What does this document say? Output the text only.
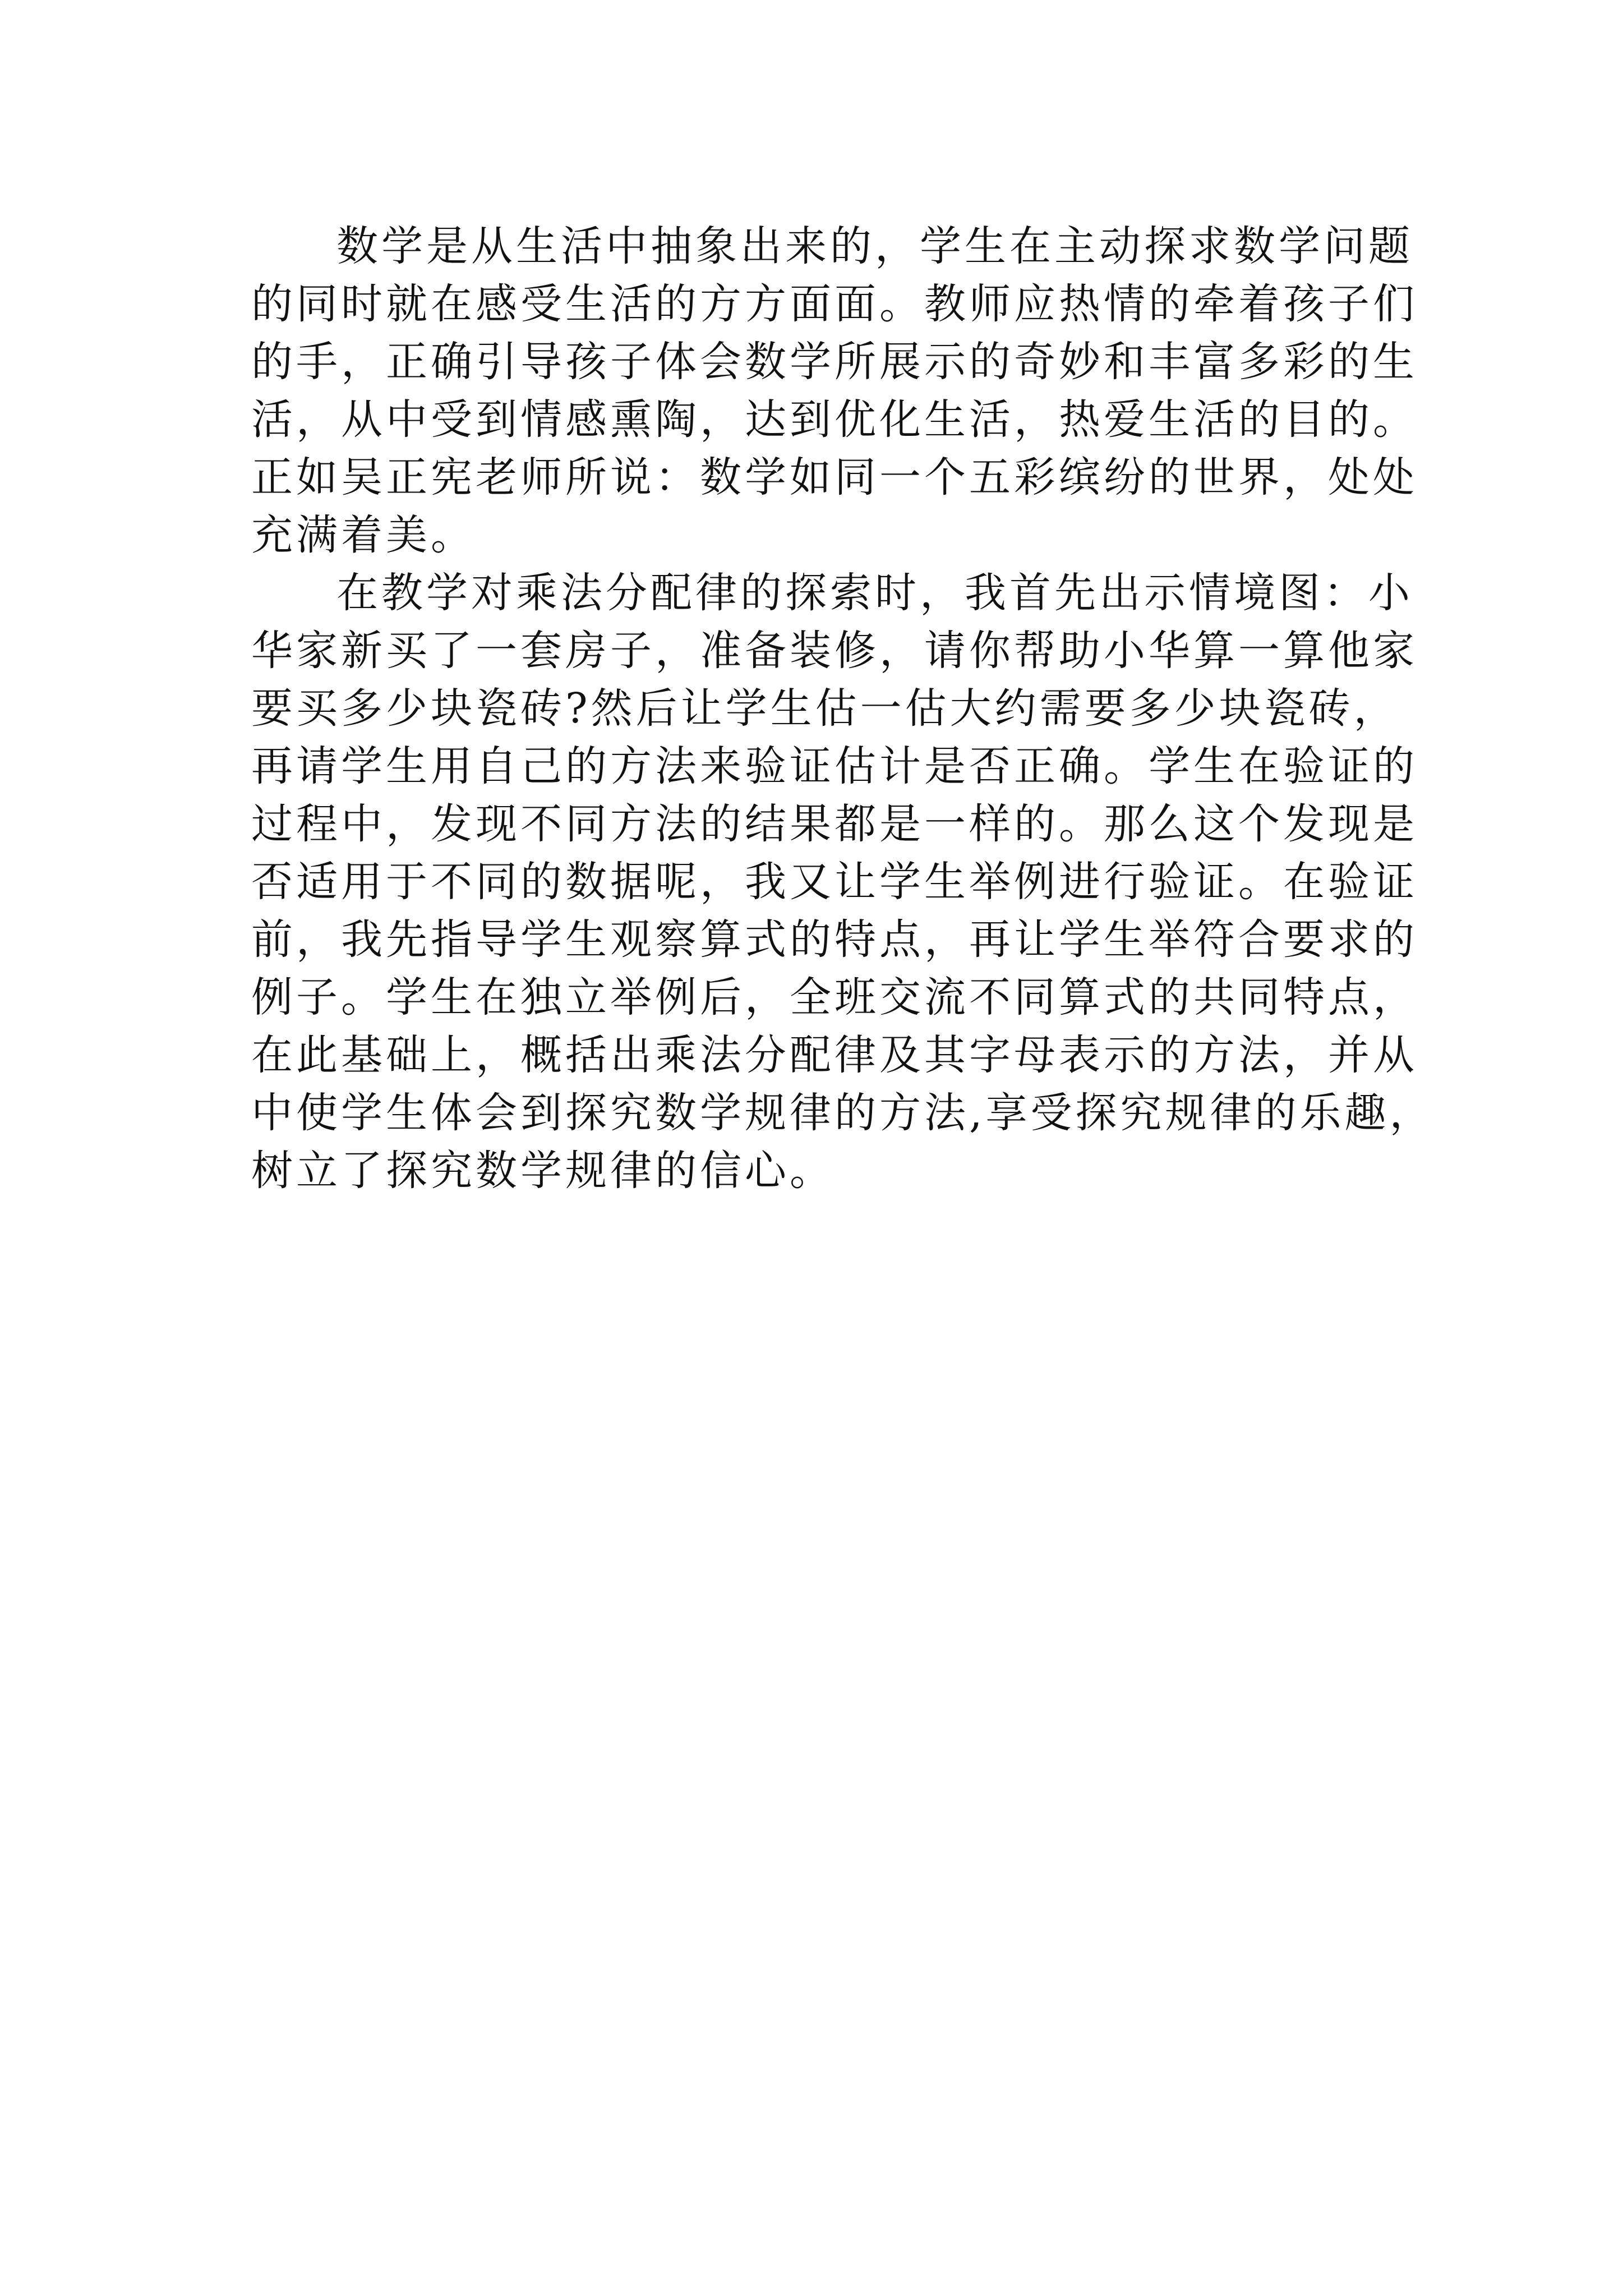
数学是从生活中抽象出来的，学生在主动探求数学问题
的同时就在感受生活的方方面面。教师应热情的牵着孩子们
的手，正确引导孩子体会数学所展示的奇妙和丰富多彩的生
活，从中受到情感熏陶，达到优化生活，热爱生活的目的。
正如吴正宪老师所说：数学如同一个五彩缤纷的世界，处处
充满着美。
在教学对乘法分配律的探索时，我首先出示情境图：小
华家新买了一套房子，准备装修，请你帮助小华算一算他家
要买多少块瓷砖?然后让学生估一估大约需要多少块瓷砖，
再请学生用自己的方法来验证估计是否正确。学生在验证的
过程中，发现不同方法的结果都是一样的。那么这个发现是
否适用于不同的数据呢，我又让学生举例进行验证。在验证
前，我先指导学生观察算式的特点，再让学生举符合要求的
例子。学生在独立举例后，全班交流不同算式的共同特点，
在此基础上，概括出乘法分配律及其字母表示的方法，并从
中使学生体会到探究数学规律的方法,享受探究规律的乐趣，
树立了探究数学规律的信心。
